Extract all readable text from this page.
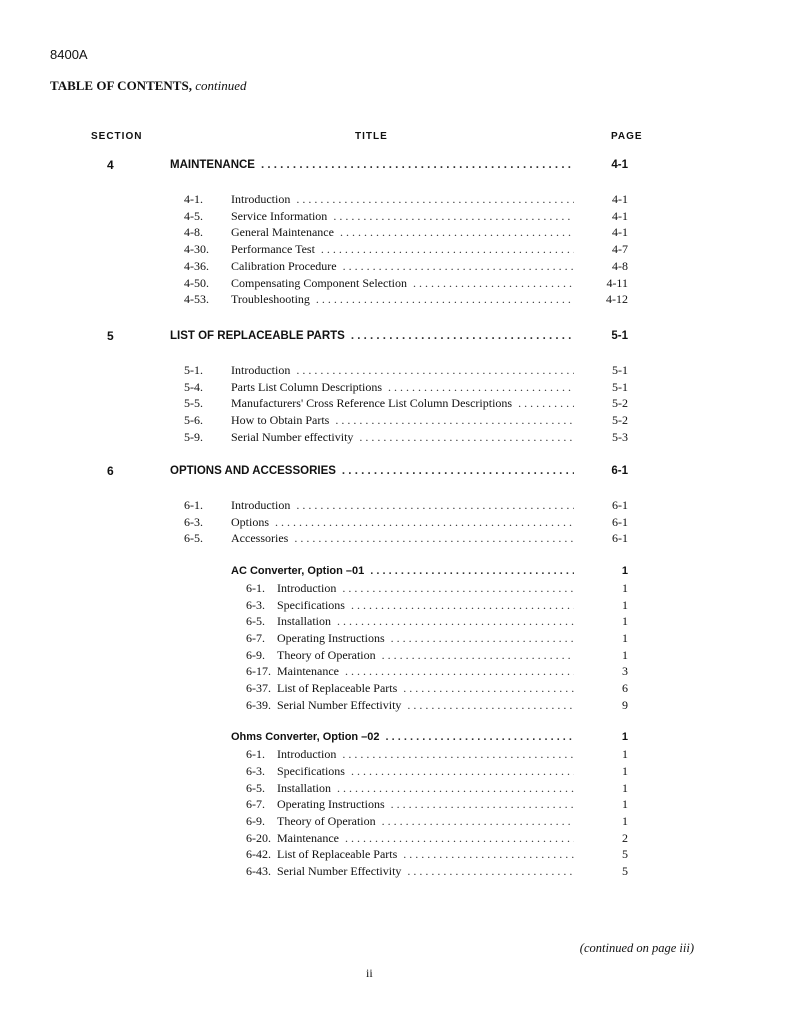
8400A
TABLE OF CONTENTS, continued
SECTION	TITLE	PAGE
4	MAINTENANCE . . .	4-1
4-1. Introduction . . .	4-1
4-5. Service Information . . .	4-1
4-8. General Maintenance . . .	4-1
4-30. Performance Test . . .	4-7
4-36. Calibration Procedure . . .	4-8
4-50. Compensating Component Selection . . .	4-11
4-53. Troubleshooting . . .	4-12
5	LIST OF REPLACEABLE PARTS . . .	5-1
5-1. Introduction . . .	5-1
5-4. Parts List Column Descriptions . . .	5-1
5-5. Manufacturers' Cross Reference List Column Descriptions . . .	5-2
5-6. How to Obtain Parts . . .	5-2
5-9. Serial Number effectivity . . .	5-3
6	OPTIONS AND ACCESSORIES . . .	6-1
6-1. Introduction . . .	6-1
6-3. Options . . .	6-1
6-5. Accessories . . .	6-1
AC Converter, Option –01 . . .	1
6-1. Introduction . . .	1
6-3. Specifications . . .	1
6-5. Installation . . .	1
6-7. Operating Instructions . . .	1
6-9. Theory of Operation . . .	1
6-17. Maintenance . . .	3
6-37. List of Replaceable Parts . . .	6
6-39. Serial Number Effectivity . . .	9
Ohms Converter, Option –02 . . .	1
6-1. Introduction . . .	1
6-3. Specifications . . .	1
6-5. Installation . . .	1
6-7. Operating Instructions . . .	1
6-9. Theory of Operation . . .	1
6-20. Maintenance . . .	2
6-42. List of Replaceable Parts . . .	5
6-43. Serial Number Effectivity . . .	5
(continued on page iii)
ii
